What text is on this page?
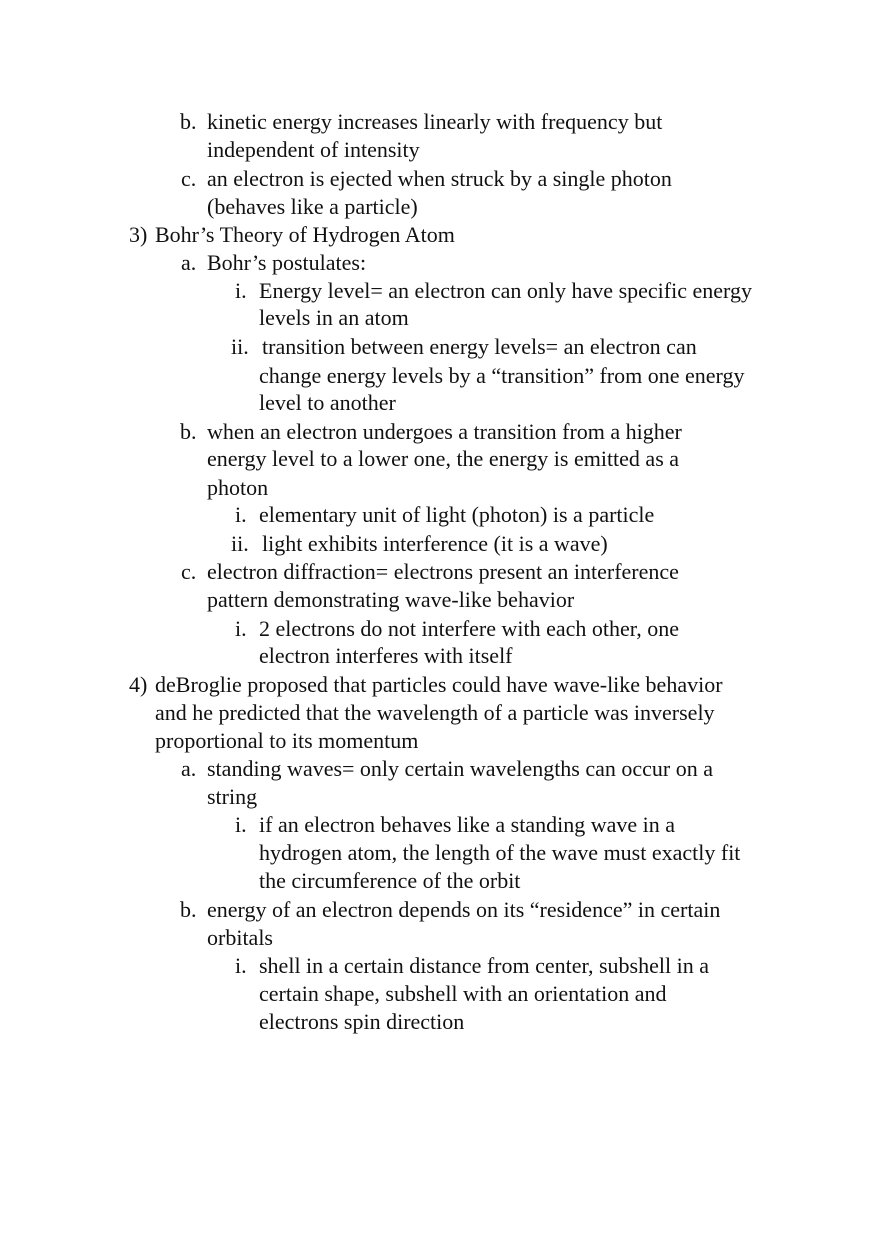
b. kinetic energy increases linearly with frequency but
independent of intensity
c. an electron is ejected when struck by a single photon
(behaves like a particle)
3) Bohr’s Theory of Hydrogen Atom
a. Bohr’s postulates:
i. Energy level= an electron can only have specific energy
levels in an atom
ii. transition between energy levels= an electron can
change energy levels by a “transition” from one energy
level to another
b. when an electron undergoes a transition from a higher
energy level to a lower one, the energy is emitted as a
photon
i. elementary unit of light (photon) is a particle
ii. light exhibits interference (it is a wave)
c. electron diffraction= electrons present an interference
pattern demonstrating wave-like behavior
i. 2 electrons do not interfere with each other, one
electron interferes with itself
4) deBroglie proposed that particles could have wave-like behavior
and he predicted that the wavelength of a particle was inversely
proportional to its momentum
a. standing waves= only certain wavelengths can occur on a
string
i. if an electron behaves like a standing wave in a
hydrogen atom, the length of the wave must exactly fit
the circumference of the orbit
b. energy of an electron depends on its “residence” in certain
orbitals
i. shell in a certain distance from center, subshell in a
certain shape, subshell with an orientation and
electrons spin direction
